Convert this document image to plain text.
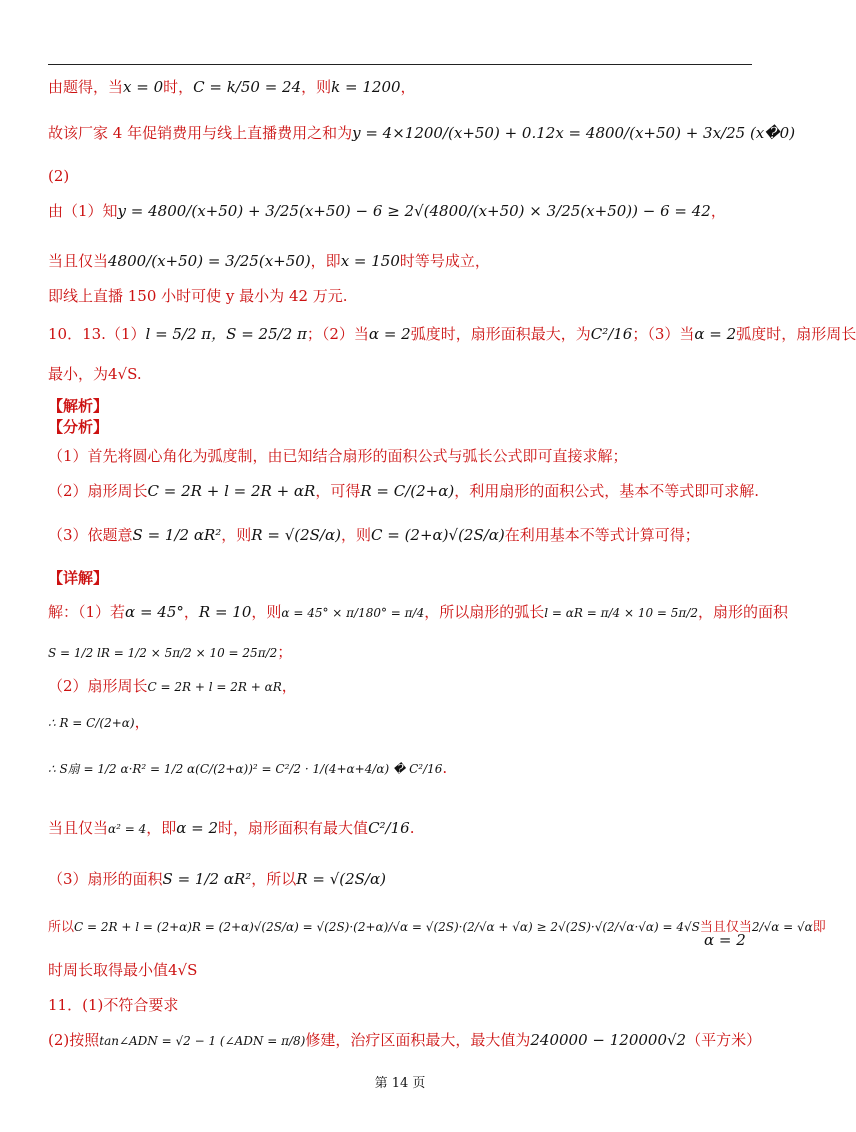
由题得，当x = 0时，C = k/50 = 24，则k = 1200，
故该厂家 4 年促销费用与线上直播费用之和为y = 4×1200/(x+50) + 0.12x = 4800/(x+50) + 3x/25 (x�0)
(2)
由（1）知y = 4800/(x+50) + 3/25(x+50) − 6 ≥ 2√(4800/(x+50) × 3/25(x+50)) − 6 = 42，
当且仅当4800/(x+50) = 3/25(x+50)，即x = 150时等号成立，
即线上直播 150 小时可使 y 最小为 42 万元.
10．13.（1）l = 5/2 π，S = 25/2 π；（2）当α = 2弧度时，扇形面积最大，为C²/16；（3）当α = 2弧度时，扇形周长
最小，为4√S.
【解析】
【分析】
（1）首先将圆心角化为弧度制，由已知结合扇形的面积公式与弧长公式即可直接求解；
（2）扇形周长C = 2R + l = 2R + αR，可得R = C/(2+α)，利用扇形的面积公式，基本不等式即可求解.
（3）依题意S = 1/2 αR²，则R = √(2S/α)，则C = (2+α)√(2S/α)在利用基本不等式计算可得；
【详解】
解：（1）若α = 45°，R = 10，则α = 45° × π/180° = π/4，所以扇形的弧长l = αR = π/4 × 10 = 5π/2，扇形的面积
S = 1/2 lR = 1/2 × 5π/2 × 10 = 25π/2；
（2）扇形周长C = 2R + l = 2R + αR，
∴ R = C/(2+α)，
∴ S扇 = 1/2 α·R² = 1/2 α(C/(2+α))² = C²/2 · 1/(4+α+4/α) � C²/16.
当且仅当α² = 4，即α = 2时，扇形面积有最大值C²/16.
（3）扇形的面积S = 1/2 αR²，所以R = √(2S/α)
所以C = 2R + l = (2+α)R = (2+α)√(2S/α) = √(2S)·(2+α)/√α = √(2S)·(2/√α + √α) ≥ 2√(2S)·√(2/√α·√α) = 4√S当且仅当2/√α = √α即
α = 2
时周长取得最小值4√S
11．(1)不符合要求
(2)按照tan∠ADN = √2 − 1 (∠ADN = π/8)修建，治疗区面积最大，最大值为240000 − 120000√2（平方米）
第 14 页
